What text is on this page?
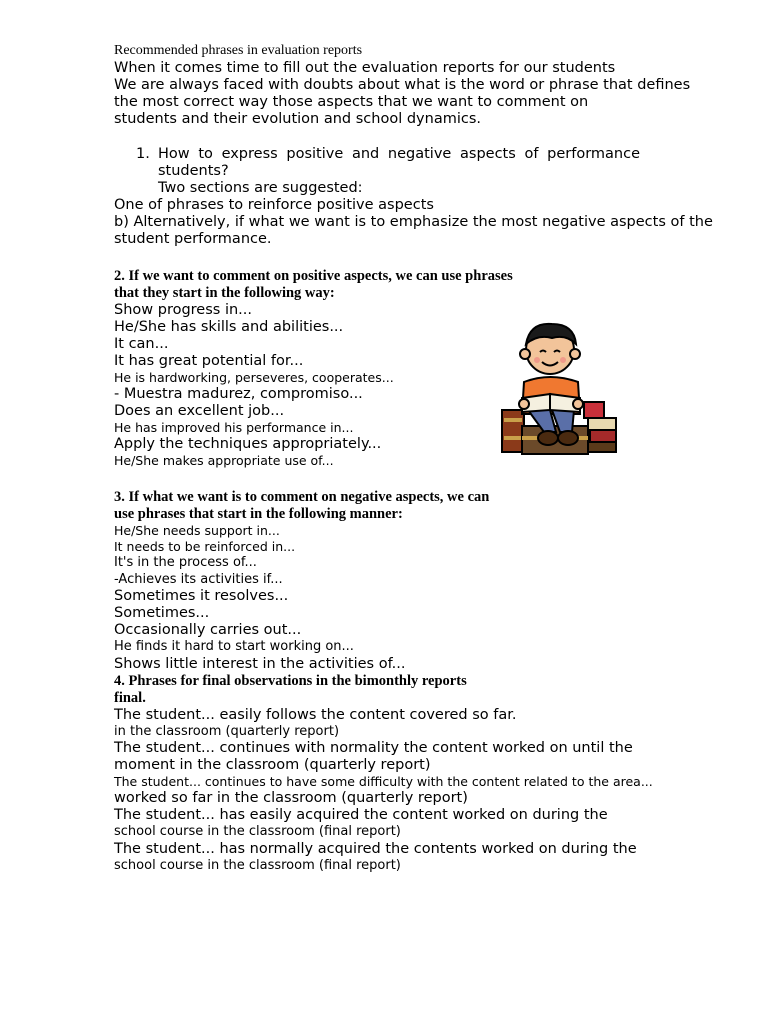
Recommended phrases in evaluation reports
When it comes time to fill out the evaluation reports for our students
We are always faced with doubts about what is the word or phrase that defines
the most correct way those aspects that we want to comment on
students and their evolution and school dynamics.
1. How to express positive and negative aspects of performance
students?
Two sections are suggested:
One of phrases to reinforce positive aspects
b) Alternatively, if what we want is to emphasize the most negative aspects of the
student performance.
2. If we want to comment on positive aspects, we can use phrases
that they start in the following way:
Show progress in...
He/She has skills and abilities...
It can...
It has great potential for...
He is hardworking, perseveres, cooperates...
- Muestra madurez, compromiso...
Does an excellent job...
He has improved his performance in...
Apply the techniques appropriately...
He/She makes appropriate use of...
3. If what we want is to comment on negative aspects, we can
use phrases that start in the following manner:
He/She needs support in...
It needs to be reinforced in...
It's in the process of...
-Achieves its activities if...
Sometimes it resolves...
Sometimes...
Occasionally carries out...
He finds it hard to start working on...
Shows little interest in the activities of...
4. Phrases for final observations in the bimonthly reports
final.
The student... easily follows the content covered so far.
in the classroom (quarterly report)
The student... continues with normality the content worked on until the
moment in the classroom (quarterly report)
The student... continues to have some difficulty with the content related to the area...
worked so far in the classroom (quarterly report)
The student... has easily acquired the content worked on during the
school course in the classroom (final report)
The student... has normally acquired the contents worked on during the
school course in the classroom (final report)
